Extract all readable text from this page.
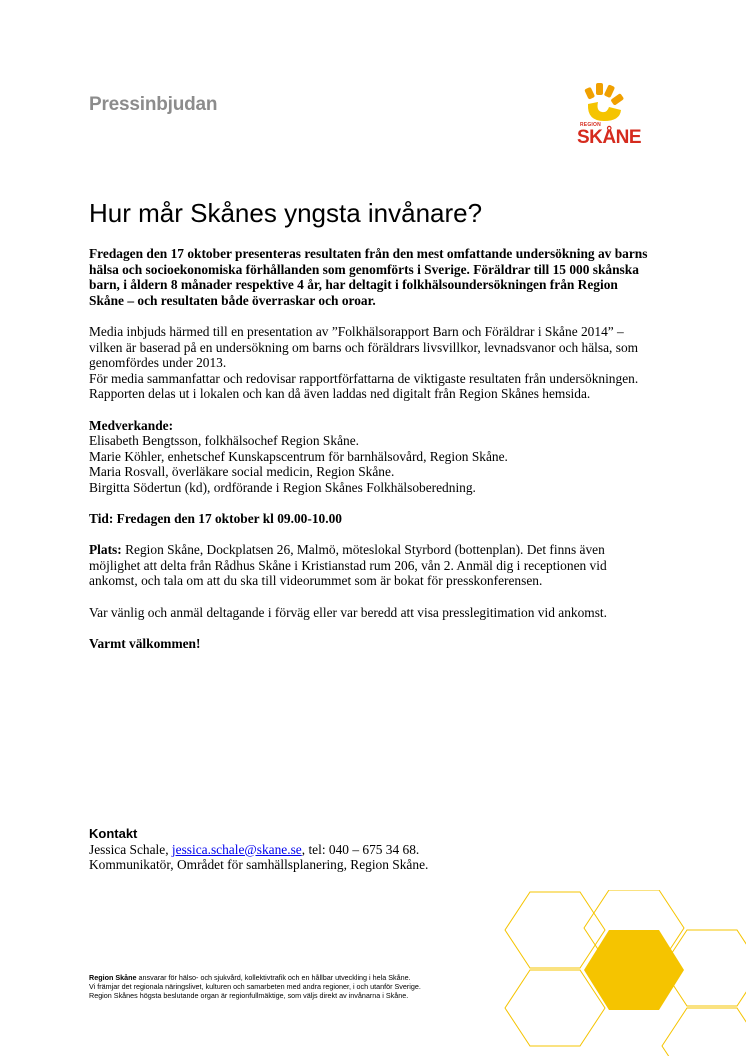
Pressinbjudan
REGION
SKÅNE
Hur mår Skånes yngsta invånare?

Fredagen den 17 oktober presenteras resultaten från den mest omfattande undersökning av barns hälsa och socioekonomiska förhållanden som genomförts i Sverige. Föräldrar till 15 000 skånska barn, i åldern 8 månader respektive 4 år, har deltagit i folkhälsoundersökningen från Region Skåne – och resultaten både överraskar och oroar.

Media inbjuds härmed till en presentation av ”Folkhälsorapport Barn och Föräldrar i Skåne 2014” – vilken är baserad på en undersökning om barns och föräldrars livsvillkor, levnadsvanor och hälsa, som genomfördes under 2013.

För media sammanfattar och redovisar rapportförfattarna de viktigaste resultaten från undersökningen. Rapporten delas ut i lokalen och kan då även laddas ned digitalt från Region Skånes hemsida.

Medverkande:

Elisabeth Bengtsson, folkhälsochef Region Skåne.

Marie Köhler, enhetschef Kunskapscentrum för barnhälsovård, Region Skåne.

Maria Rosvall, överläkare social medicin, Region Skåne.

Birgitta Södertun (kd), ordförande i Region Skånes Folkhälsoberedning.

Tid: Fredagen den 17 oktober kl 09.00-10.00

Plats: Region Skåne, Dockplatsen 26, Malmö, möteslokal Styrbord (bottenplan). Det finns även möjlighet att delta från Rådhus Skåne i Kristianstad rum 206, vån 2. Anmäl dig i receptionen vid ankomst, och tala om att du ska till videorummet som är bokat för presskonferensen.

Var vänlig och anmäl deltagande i förväg eller var beredd att visa presslegitimation vid ankomst.

Varmt välkommen!

Kontakt
Jessica Schale, jessica.schale@skane.se, tel: 040 – 675 34 68.
Kommunikatör, Området för samhällsplanering, Region Skåne.

Region Skåne ansvarar för hälso- och sjukvård, kollektivtrafik och en hållbar utveckling i hela Skåne.

Vi främjar det regionala näringslivet, kulturen och samarbeten med andra regioner, i och utanför Sverige.

Region Skånes högsta beslutande organ är regionfullmäktige, som väljs direkt av invånarna i Skåne.
